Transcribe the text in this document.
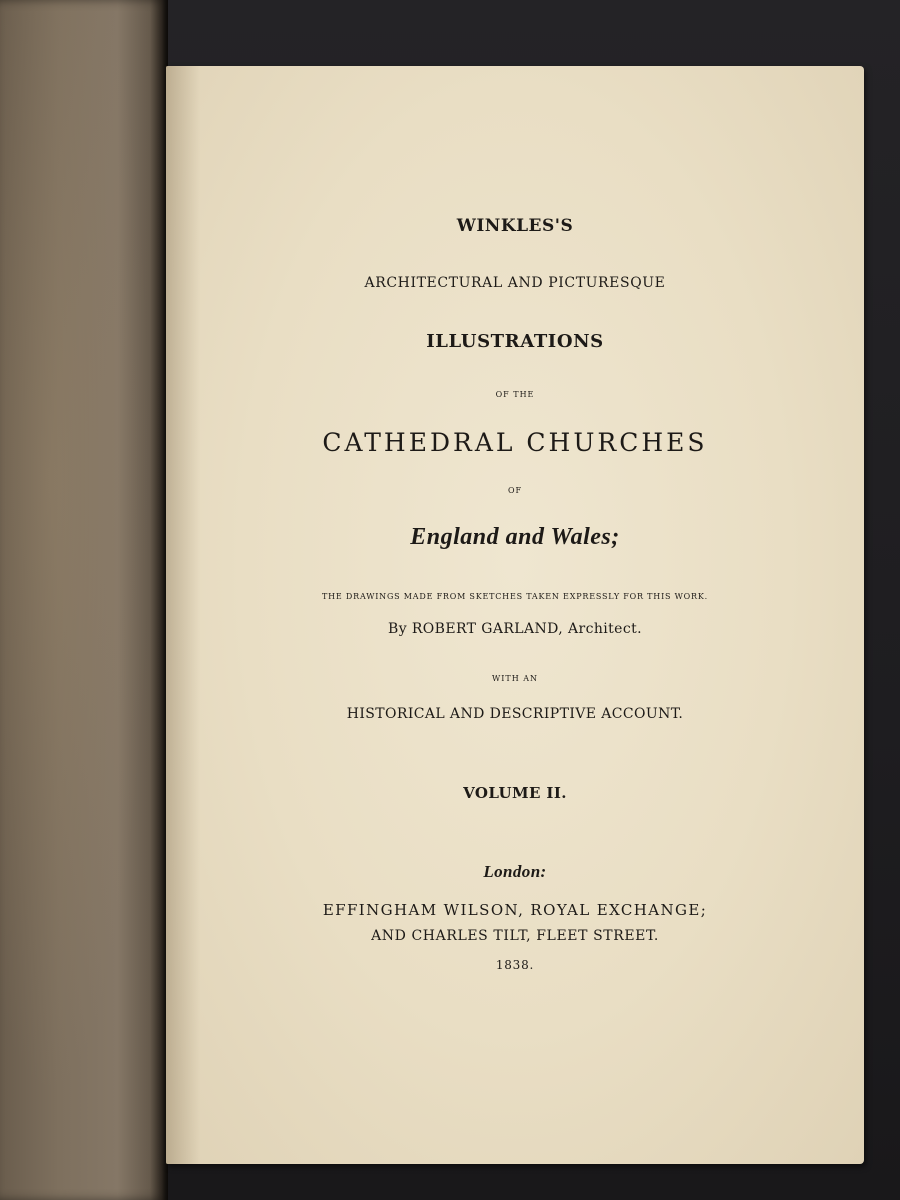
WINKLES'S
ARCHITECTURAL AND PICTURESQUE
ILLUSTRATIONS
OF THE
CATHEDRAL CHURCHES
OF
England and Wales;
THE DRAWINGS MADE FROM SKETCHES TAKEN EXPRESSLY FOR THIS WORK.
By ROBERT GARLAND, Architect.
WITH AN
HISTORICAL AND DESCRIPTIVE ACCOUNT.
VOLUME II.
London:
EFFINGHAM WILSON, ROYAL EXCHANGE;
AND CHARLES TILT, FLEET STREET.
1838.
